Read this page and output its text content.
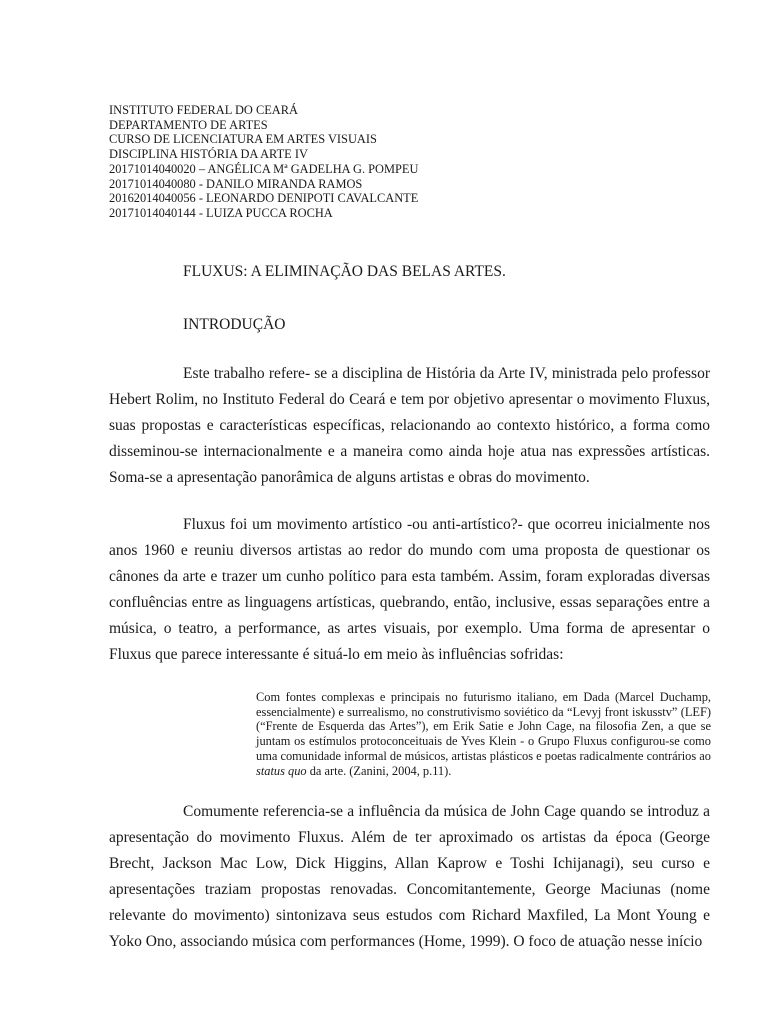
INSTITUTO FEDERAL DO CEARÁ
DEPARTAMENTO DE ARTES
CURSO DE LICENCIATURA EM ARTES VISUAIS
DISCIPLINA HISTÓRIA DA ARTE IV
20171014040020 – ANGÉLICA Mª GADELHA G. POMPEU
20171014040080 - DANILO MIRANDA RAMOS
20162014040056 - LEONARDO DENIPOTI CAVALCANTE
20171014040144 - LUIZA PUCCA ROCHA
FLUXUS: A ELIMINAÇÃO DAS BELAS ARTES.
INTRODUÇÃO

Este trabalho refere- se a disciplina de História da Arte IV, ministrada pelo professor Hebert Rolim, no Instituto Federal do Ceará e tem por objetivo apresentar o movimento Fluxus, suas propostas e características específicas, relacionando ao contexto histórico, a forma como disseminou-se internacionalmente e a maneira como ainda hoje atua nas expressões artísticas. Soma-se a apresentação panorâmica de alguns artistas e obras do movimento.

Fluxus foi um movimento artístico -ou anti-artístico?- que ocorreu inicialmente nos anos 1960 e reuniu diversos artistas ao redor do mundo com uma proposta de questionar os cânones da arte e trazer um cunho político para esta também. Assim, foram exploradas diversas confluências entre as linguagens artísticas, quebrando, então, inclusive, essas separações entre a música, o teatro, a performance, as artes visuais, por exemplo. Uma forma de apresentar o Fluxus que parece interessante é situá-lo em meio às influências sofridas:

Com fontes complexas e principais no futurismo italiano, em Dada (Marcel Duchamp, essencialmente) e surrealismo, no construtivismo soviético da “Levyj front iskusstv” (LEF) (“Frente de Esquerda das Artes”), em Erik Satie e John Cage, na filosofia Zen, a que se juntam os estímulos protoconceituais de Yves Klein - o Grupo Fluxus configurou-se como uma comunidade informal de músicos, artistas plásticos e poetas radicalmente contrários ao status quo da arte. (Zanini, 2004, p.11).

Comumente referencia-se a influência da música de John Cage quando se introduz a apresentação do movimento Fluxus. Além de ter aproximado os artistas da época (George Brecht, Jackson Mac Low, Dick Higgins, Allan Kaprow e Toshi Ichijanagi), seu curso e apresentações traziam propostas renovadas. Concomitantemente, George Maciunas (nome relevante do movimento) sintonizava seus estudos com Richard Maxfiled, La Mont Young e Yoko Ono, associando música com performances (Home, 1999). O foco de atuação nesse início
